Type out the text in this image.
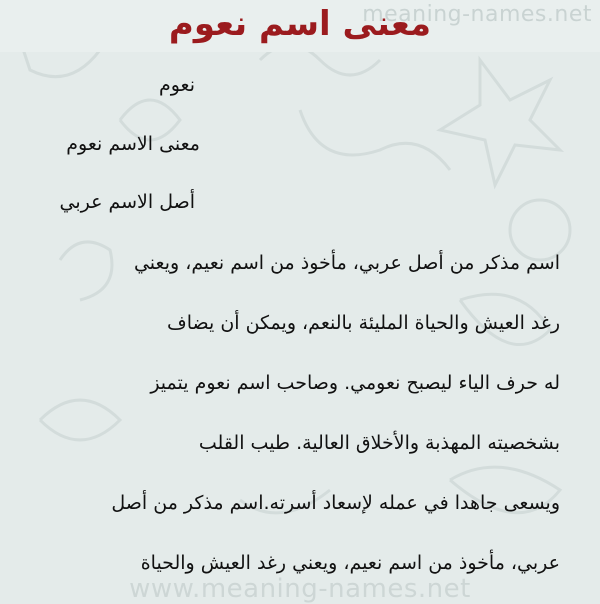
meaning-names.net
معنى اسم نعوم
نعوم
معنى الاسم نعوم
أصل الاسم عربي
اسم مذكر من أصل عربي، مأخوذ من اسم نعيم، ويعني
رغد العيش والحياة المليئة بالنعم، ويمكن أن يضاف
له حرف الياء ليصبح نعومي. وصاحب اسم نعوم يتميز
بشخصيته المهذبة والأخلاق العالية. طيب القلب
ويسعى جاهدا في عمله لإسعاد أسرته.اسم مذكر من أصل
عربي، مأخوذ من اسم نعيم، ويعني رغد العيش والحياة
www.meaning-names.net
